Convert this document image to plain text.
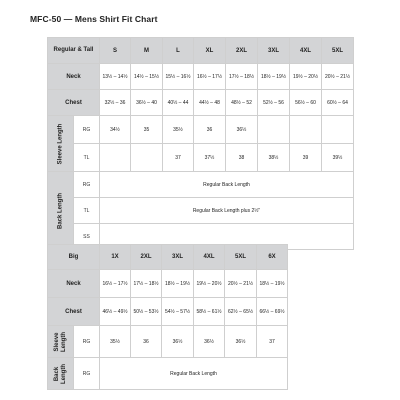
MFC-50 — Mens Shirt Fit Chart
Regular & Tall		S	M	L	XL	2XL	3XL	4XL	5XL
Neck		13½ – 14½	14½ – 15½	15½ – 16½	16½ – 17½	17½ – 18½	18½ – 19½	19½ – 20½	20½ – 21½
Chest		32½ – 36	36½ – 40	40½ – 44	44½ – 48	48½ – 52	52½ – 56	56½ – 60	60½ – 64

Sleeve Length	RG	34½	35	35½	36	36½			
	TL			37	37½	38	38½	39	39½

Back Length	RG	Regular Back Length							
	TL	Regular Back Length plus 2½"							
	SS								
Big		1X	2XL	3XL	4XL	5XL	6X
Neck		16½ – 17½	17½ – 18½	18½ – 19½	19½ – 20½	20½ – 21½	18½ – 19½
Chest		46½ – 49½	50½ – 53½	54½ – 57½	58½ – 61½	62½ – 65½	66½ – 69½

Sleeve Length	RG	35½	36	36½	36½	36½	37

Back Length	RG	Regular Back Length					
